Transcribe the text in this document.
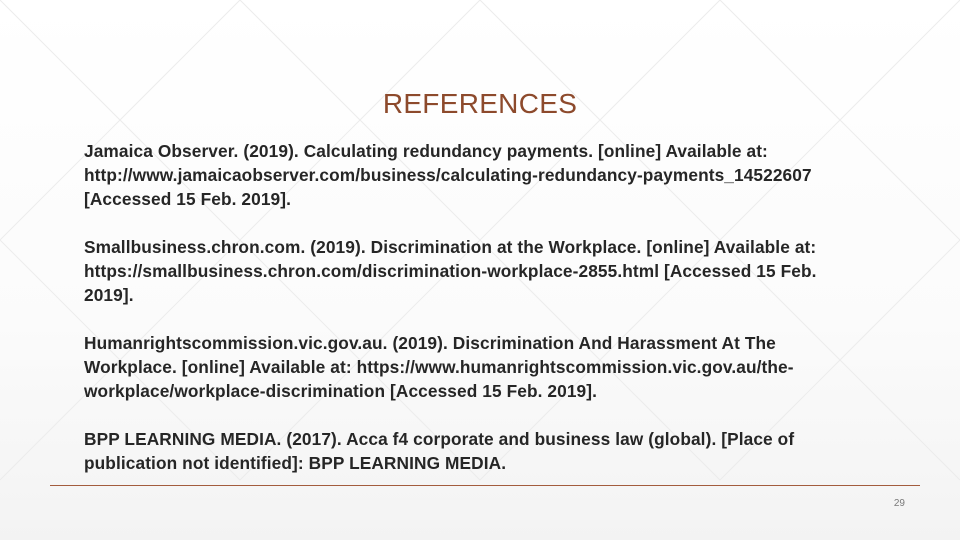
REFERENCES
Jamaica Observer. (2019). Calculating redundancy payments. [online] Available at:
http://www.jamaicaobserver.com/business/calculating-redundancy-payments_14522607
[Accessed 15 Feb. 2019].
Smallbusiness.chron.com. (2019). Discrimination at the Workplace. [online] Available at:
https://smallbusiness.chron.com/discrimination-workplace-2855.html [Accessed 15 Feb.
2019].
Humanrightscommission.vic.gov.au. (2019). Discrimination And Harassment At The
Workplace. [online] Available at: https://www.humanrightscommission.vic.gov.au/the-
workplace/workplace-discrimination [Accessed 15 Feb. 2019].
BPP LEARNING MEDIA. (2017). Acca f4 corporate and business law (global). [Place of
publication not identified]: BPP LEARNING MEDIA.
29
